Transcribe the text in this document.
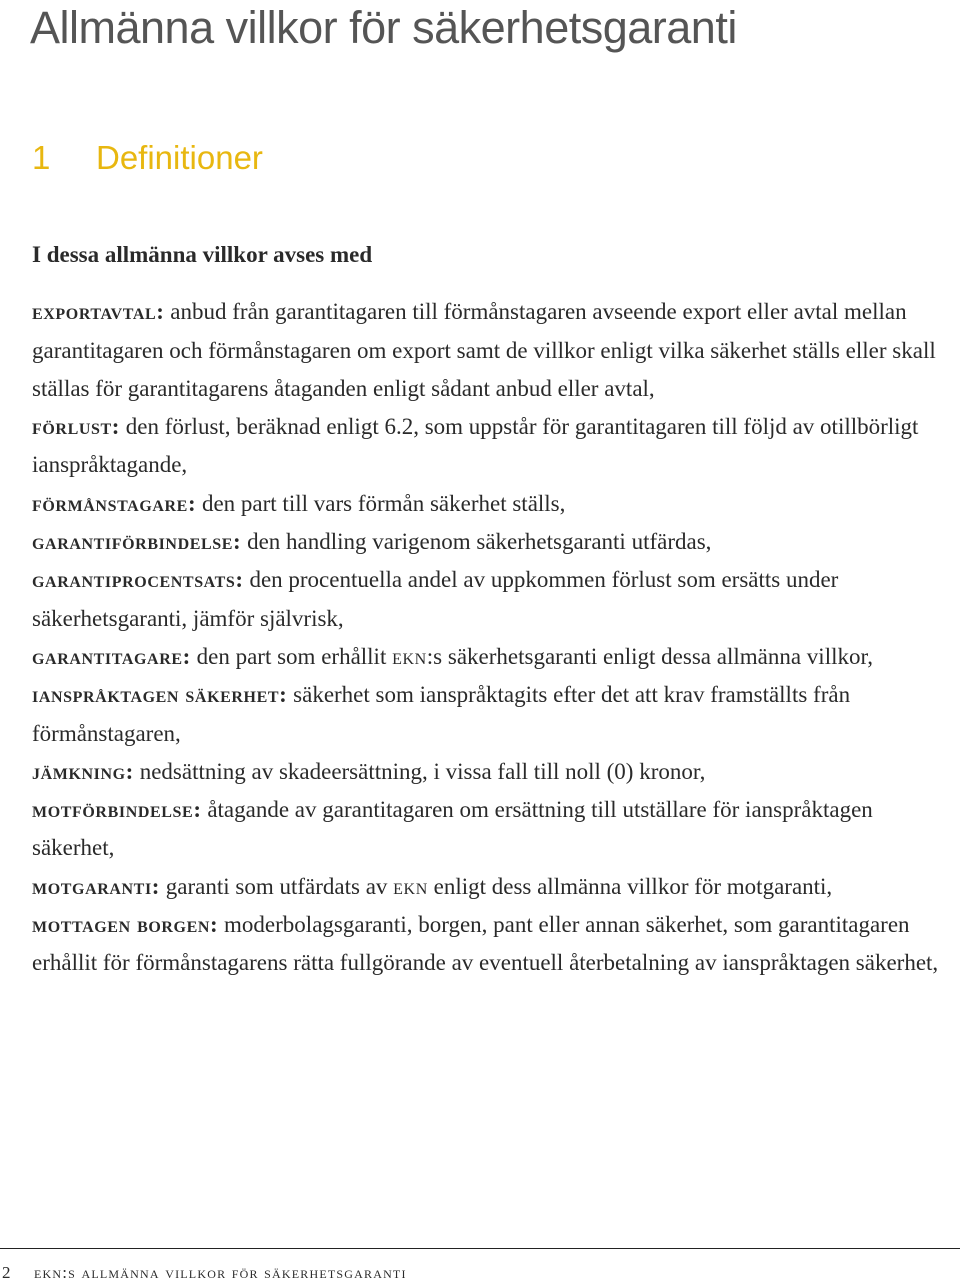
Allmänna villkor för säkerhetsgaranti
1 Definitioner

I dessa allmänna villkor avses med

exportavtal: anbud från garantitagaren till förmånstagaren avseende export eller avtal mellan garantitagaren och förmånstagaren om export samt de villkor enligt vilka säkerhet ställs eller skall ställas för garantitagarens åtaganden enligt sådant anbud eller avtal,

förlust: den förlust, beräknad enligt 6.2, som uppstår för garantitagaren till följd av otillbörligt ianspråktagande,

förmånstagare: den part till vars förmån säkerhet ställs,

garantiförbindelse: den handling varigenom säkerhetsgaranti utfärdas,

garantiprocentsats: den procentuella andel av uppkommen förlust som ersätts under säkerhetsgaranti, jämför självrisk,

garantitagare: den part som erhållit ekn:s säkerhetsgaranti enligt dessa allmänna villkor,

ianspråktagen säkerhet: säkerhet som ianspråktagits efter det att krav framställts från förmånstagaren,

jämkning: nedsättning av skadeersättning, i vissa fall till noll (0) kronor,

motförbindelse: åtagande av garantitagaren om ersättning till utställare för ianspråktagen säkerhet,

motgaranti: garanti som utfärdats av ekn enligt dess allmänna villkor för motgaranti,

mottagen borgen: moderbolagsgaranti, borgen, pant eller annan säkerhet, som garantitagaren erhållit för förmånstagarens rätta fullgörande av eventuell återbetalning av ianspråktagen säkerhet,

2 ekn:s allmänna villkor för säkerhetsgaranti
